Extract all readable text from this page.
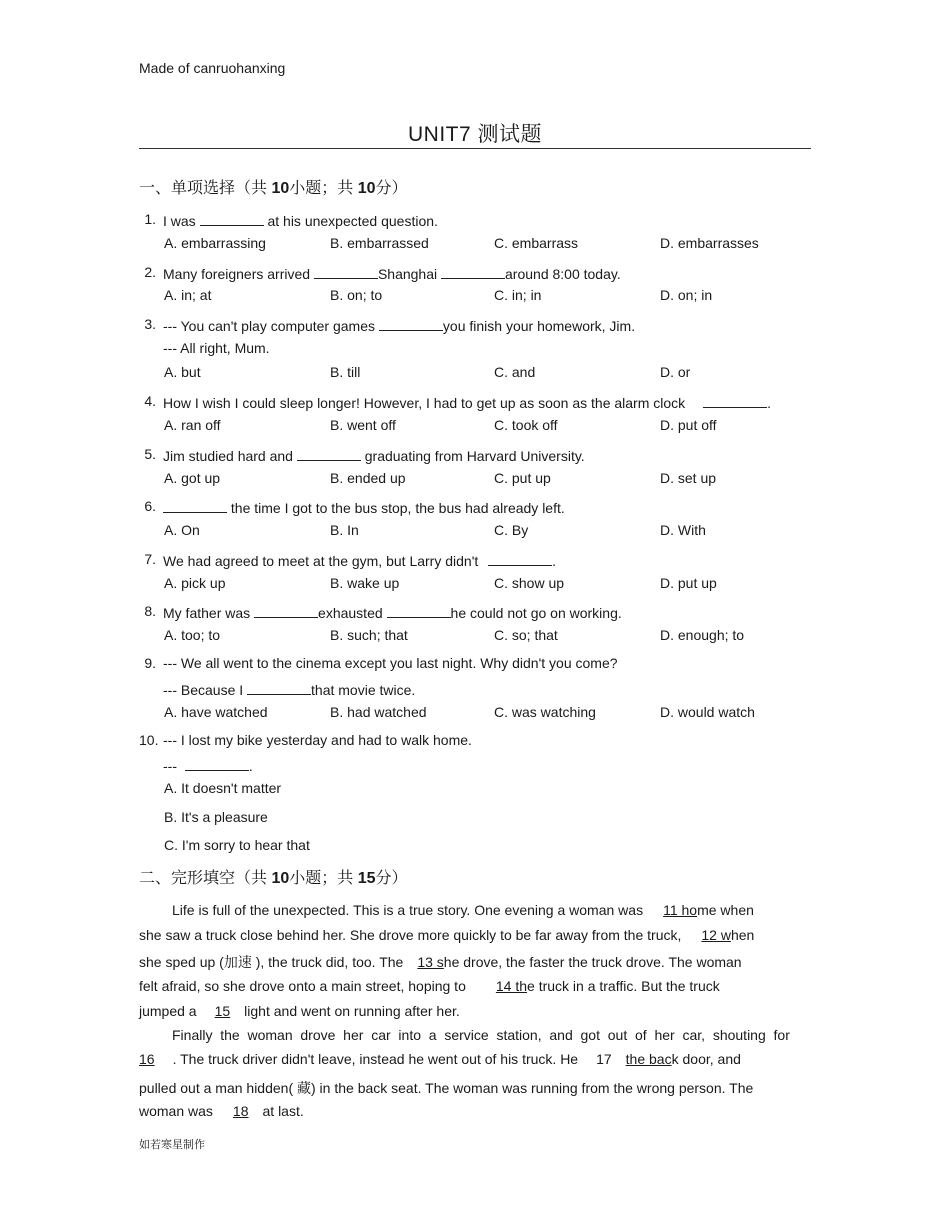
Made of canruohanxing
UNIT7 测试题
一、单项选择（共 10小题；共 10分）
1. I was	at his unexpected question.
A. embarrassing	B. embarrassed	C. embarrass	D. embarrasses
2. Many foreigners arrived	Shanghai	around 8:00 today.
A. in; at	B. on; to	C. in; in	D. on; in
3. --- You can't play computer games	you finish your homework, Jim.
--- All right, Mum.
A. but	B. till	C. and	D. or
4. How I wish I could sleep longer! However, I had to get up as soon as the alarm clock	.
A. ran off	B. went off	C. took off	D. put off
5. Jim studied hard and	graduating from Harvard University.
A. got up	B. ended up	C. put up	D. set up
6.	the time I got to the bus stop, the bus had already left.
A. On	B. In	C. By	D. With
7. We had agreed to meet at the gym, but Larry didn't	.
A. pick up	B. wake up	C. show up	D. put up
8. My father was	exhausted	he could not go on working.
A. too; to	B. such; that	C. so; that	D. enough; to
9. --- We all went to the cinema except you last night. Why didn't you come?
--- Because I	that movie twice.
A. have watched	B. had watched	C. was watching	D. would watch
10. --- I lost my bike yesterday and had to walk home.
---	.
A. It doesn't matter
B. It's a pleasure
C. I'm sorry to hear that
二、完形填空（共 10小题；共 15分）
Life is full of the unexpected. This is a true story. One evening a woman was 11 home when
she saw a truck close behind her. She drove more quickly to be far away from the truck, 12 when
she sped up (加速 ), the truck did, too. The 13 she drove, the faster the truck drove. The woman
felt afraid, so she drove onto a main street, hoping to 14 the truck in a traffic. But the truck
jumped a 15 light and went on running after her.
Finally  the  woman  drove  her  car  into  a  service  station,  and  got  out  of  her  car,  shouting  for
16 . The truck driver didn't leave, instead he went out of his truck. He 17 the back door, and
pulled out a man hidden( 藏) in the back seat. The woman was running from the wrong person. The
woman was 18 at last.
如若寒星制作
